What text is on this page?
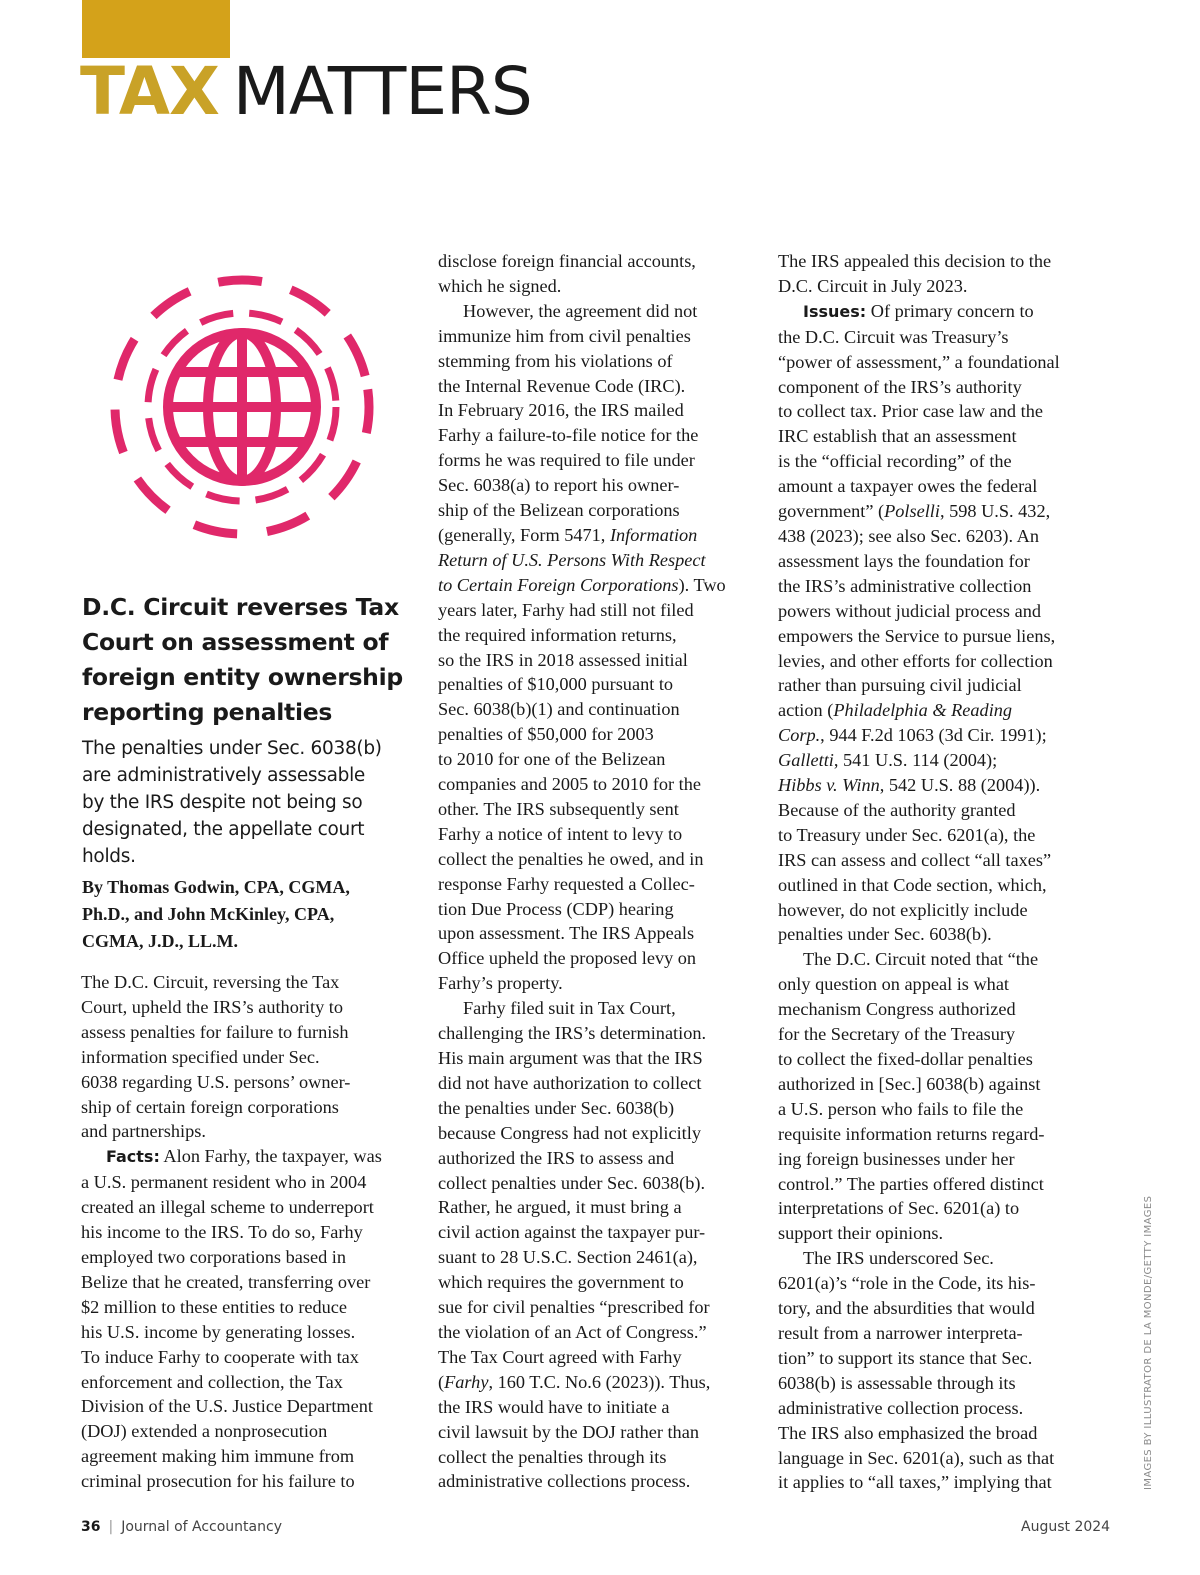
TAX MATTERS
D.C. Circuit reverses Tax
Court on assessment of
foreign entity ownership
reporting penalties
The penalties under Sec. 6038(b)
are administratively assessable
by the IRS despite not being so
designated, the appellate court
holds.
By Thomas Godwin, CPA, CGMA,
Ph.D., and John McKinley, CPA,
CGMA, J.D., LL.M.
The D.C. Circuit, reversing the Tax
Court, upheld the IRS’s authority to
assess penalties for failure to furnish
information specified under Sec.
6038 regarding U.S. persons’ owner-
ship of certain foreign corporations
and partnerships.
Facts: Alon Farhy, the taxpayer, was
a U.S. permanent resident who in 2004
created an illegal scheme to underreport
his income to the IRS. To do so, Farhy
employed two corporations based in
Belize that he created, transferring over
$2 million to these entities to reduce
his U.S. income by generating losses.
To induce Farhy to cooperate with tax
enforcement and collection, the Tax
Division of the U.S. Justice Department
(DOJ) extended a nonprosecution
agreement making him immune from
criminal prosecution for his failure to
disclose foreign financial accounts,
which he signed.
However, the agreement did not
immunize him from civil penalties
stemming from his violations of
the Internal Revenue Code (IRC).
In February 2016, the IRS mailed
Farhy a failure-to-file notice for the
forms he was required to file under
Sec. 6038(a) to report his owner-
ship of the Belizean corporations
(generally, Form 5471, Information
Return of U.S. Persons With Respect
to Certain Foreign Corporations). Two
years later, Farhy had still not filed
the required information returns,
so the IRS in 2018 assessed initial
penalties of $10,000 pursuant to
Sec. 6038(b)(1) and continuation
penalties of $50,000 for 2003
to 2010 for one of the Belizean
companies and 2005 to 2010 for the
other. The IRS subsequently sent
Farhy a notice of intent to levy to
collect the penalties he owed, and in
response Farhy requested a Collec-
tion Due Process (CDP) hearing
upon assessment. The IRS Appeals
Office upheld the proposed levy on
Farhy’s property.
Farhy filed suit in Tax Court,
challenging the IRS’s determination.
His main argument was that the IRS
did not have authorization to collect
the penalties under Sec. 6038(b)
because Congress had not explicitly
authorized the IRS to assess and
collect penalties under Sec. 6038(b).
Rather, he argued, it must bring a
civil action against the taxpayer pur-
suant to 28 U.S.C. Section 2461(a),
which requires the government to
sue for civil penalties “prescribed for
the violation of an Act of Congress.”
The Tax Court agreed with Farhy
(Farhy, 160 T.C. No.6 (2023)). Thus,
the IRS would have to initiate a
civil lawsuit by the DOJ rather than
collect the penalties through its
administrative collections process.
The IRS appealed this decision to the
D.C. Circuit in July 2023.
Issues: Of primary concern to
the D.C. Circuit was Treasury’s
“power of assessment,” a foundational
component of the IRS’s authority
to collect tax. Prior case law and the
IRC establish that an assessment
is the “official recording” of the
amount a taxpayer owes the federal
government” (Polselli, 598 U.S. 432,
438 (2023); see also Sec. 6203). An
assessment lays the foundation for
the IRS’s administrative collection
powers without judicial process and
empowers the Service to pursue liens,
levies, and other efforts for collection
rather than pursuing civil judicial
action (Philadelphia & Reading
Corp., 944 F.2d 1063 (3d Cir. 1991);
Galletti, 541 U.S. 114 (2004);
Hibbs v. Winn, 542 U.S. 88 (2004)).
Because of the authority granted
to Treasury under Sec. 6201(a), the
IRS can assess and collect “all taxes”
outlined in that Code section, which,
however, do not explicitly include
penalties under Sec. 6038(b).
The D.C. Circuit noted that “the
only question on appeal is what
mechanism Congress authorized
for the Secretary of the Treasury
to collect the fixed-dollar penalties
authorized in [Sec.] 6038(b) against
a U.S. person who fails to file the
requisite information returns regard-
ing foreign businesses under her
control.” The parties offered distinct
interpretations of Sec. 6201(a) to
support their opinions.
The IRS underscored Sec.
6201(a)’s “role in the Code, its his-
tory, and the absurdities that would
result from a narrower interpreta-
tion” to support its stance that Sec.
6038(b) is assessable through its
administrative collection process.
The IRS also emphasized the broad
language in Sec. 6201(a), such as that
it applies to “all taxes,” implying that	IMAGES BY ILLUSTRATOR DE LA MONDE/GETTY IMAGES
36 | Journal of Accountancy	August 2024
